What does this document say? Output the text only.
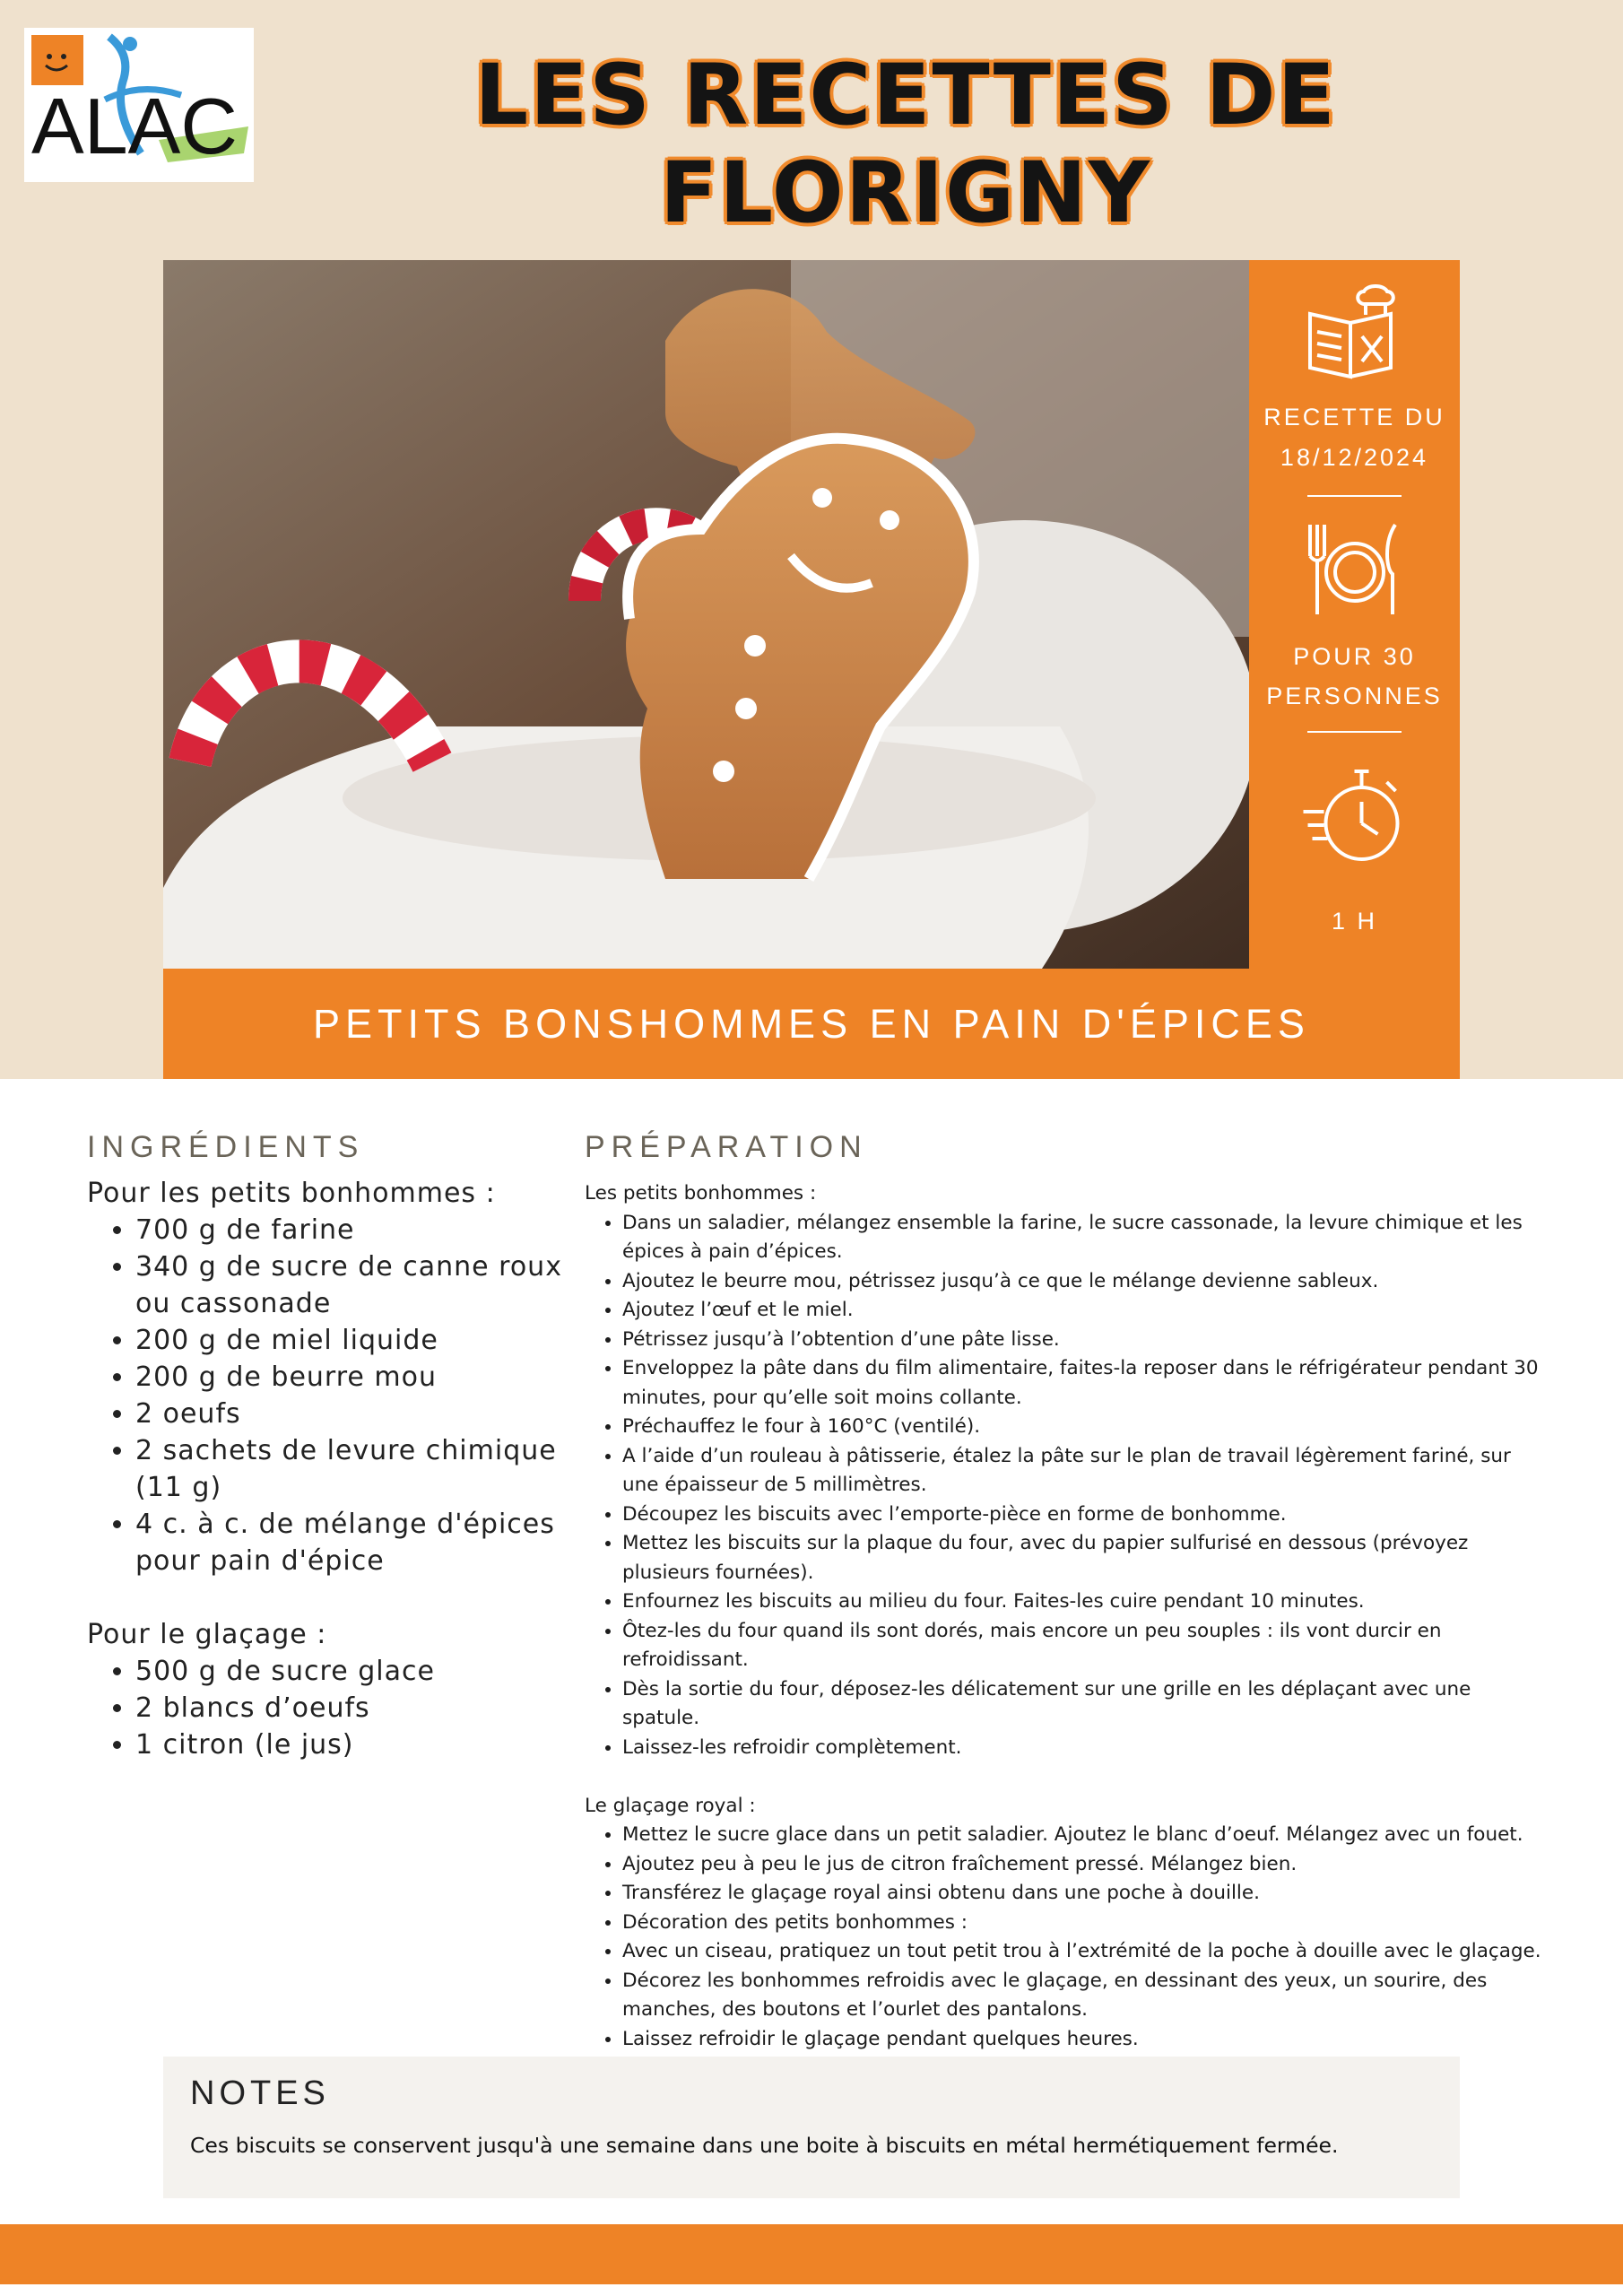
ALAC	LES RECETTES DE FLORIGNY
RECETTE DU
18/12/2024
POUR 30
PERSONNES
1 H
PETITS BONSHOMMES EN PAIN D'ÉPICES
INGRÉDIENTS	PRÉPARATION

Pour les petits bonhommes :

• 700 g de farine
• 340 g de sucre de canne roux ou cassonade
• 200 g de miel liquide
• 200 g de beurre mou
• 2 oeufs
• 2 sachets de levure chimique (11 g)
• 4 c. à c. de mélange d'épices pour pain d'épice

Pour le glaçage :

• 500 g de sucre glace
• 2 blancs d’oeufs
• 1 citron (le jus)

Les petits bonhommes :

• Dans un saladier, mélangez ensemble la farine, le sucre cassonade, la levure chimique et les épices à pain d’épices.
• Ajoutez le beurre mou, pétrissez jusqu’à ce que le mélange devienne sableux.
• Ajoutez l’œuf et le miel.
• Pétrissez jusqu’à l’obtention d’une pâte lisse.
• Enveloppez la pâte dans du film alimentaire, faites-la reposer dans le réfrigérateur pendant 30 minutes, pour qu’elle soit moins collante.
• Préchauffez le four à 160°C (ventilé).
• A l’aide d’un rouleau à pâtisserie, étalez la pâte sur le plan de travail légèrement fariné, sur une épaisseur de 5 millimètres.
• Découpez les biscuits avec l’emporte-pièce en forme de bonhomme.
• Mettez les biscuits sur la plaque du four, avec du papier sulfurisé en dessous (prévoyez plusieurs fournées).
• Enfournez les biscuits au milieu du four. Faites-les cuire pendant 10 minutes.
• Ôtez-les du four quand ils sont dorés, mais encore un peu souples : ils vont durcir en refroidissant.
• Dès la sortie du four, déposez-les délicatement sur une grille en les déplaçant avec une spatule.
• Laissez-les refroidir complètement.

Le glaçage royal :

• Mettez le sucre glace dans un petit saladier. Ajoutez le blanc d’oeuf. Mélangez avec un fouet.
• Ajoutez peu à peu le jus de citron fraîchement pressé. Mélangez bien.
• Transférez le glaçage royal ainsi obtenu dans une poche à douille.
• Décoration des petits bonhommes :
• Avec un ciseau, pratiquez un tout petit trou à l’extrémité de la poche à douille avec le glaçage.
• Décorez les bonhommes refroidis avec le glaçage, en dessinant des yeux, un sourire, des manches, des boutons et l’ourlet des pantalons.
• Laissez refroidir le glaçage pendant quelques heures.
•
NOTES
Ces biscuits se conservent jusqu'à une semaine dans une boite à biscuits en métal hermétiquement fermée.
